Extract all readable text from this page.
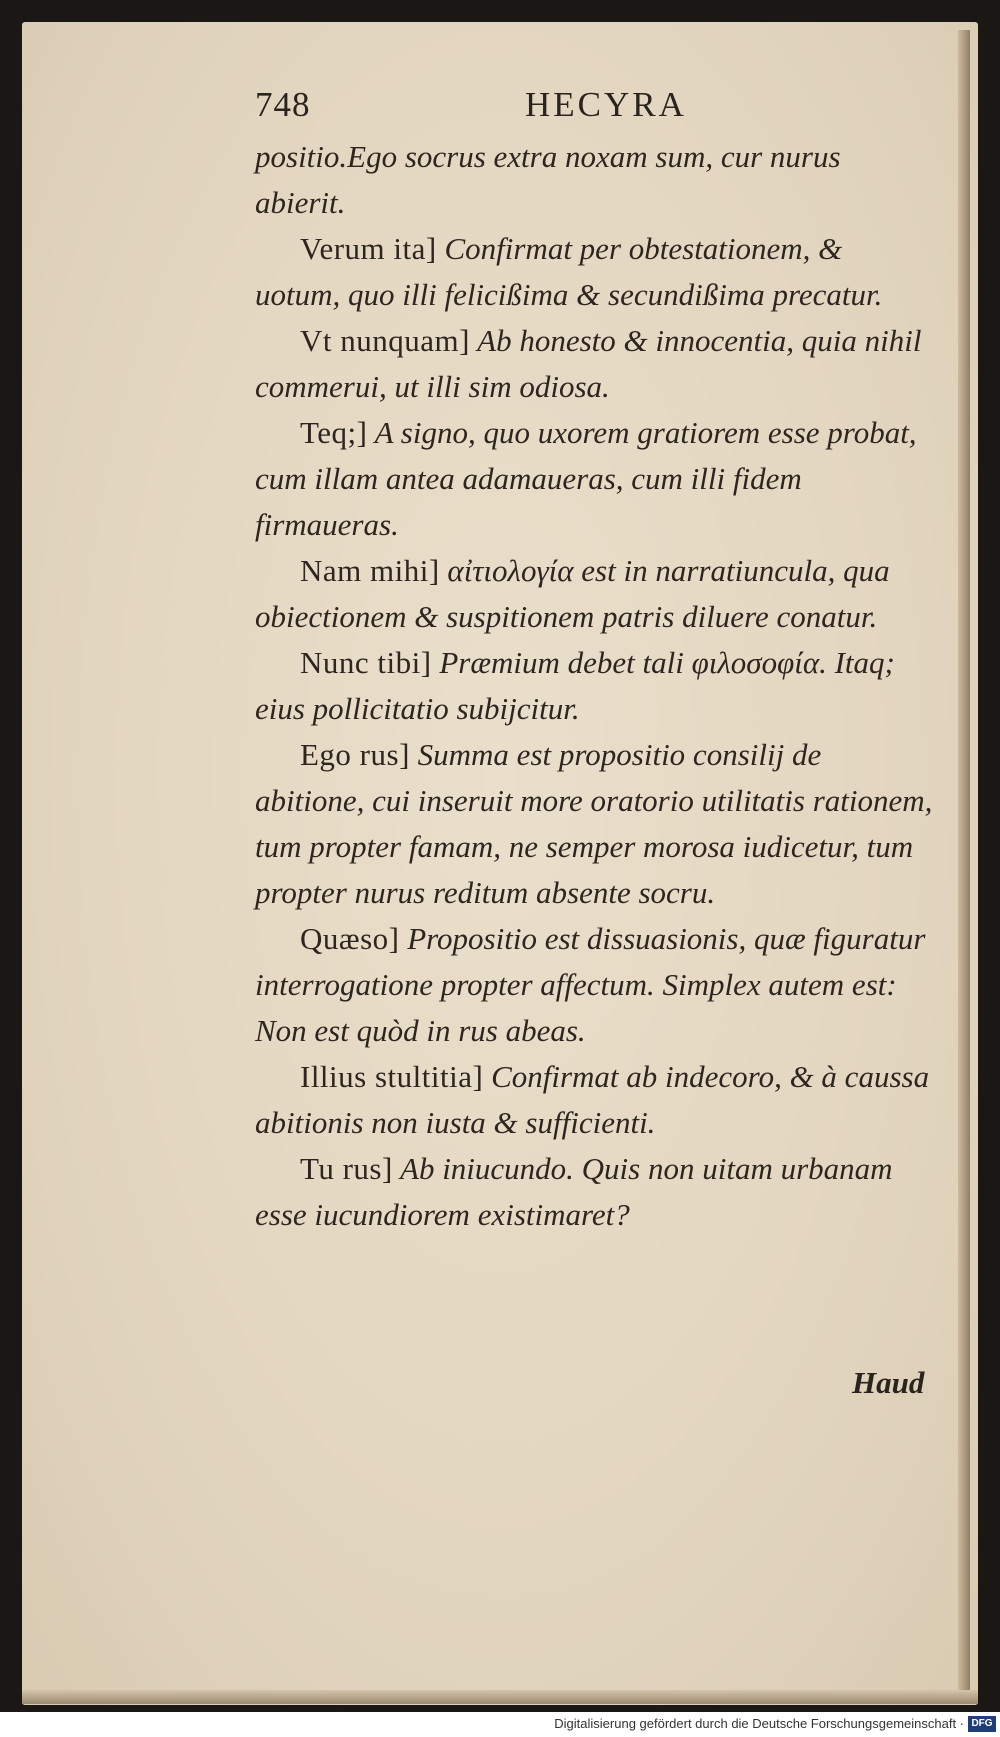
748	HECYRA

positio.Ego socrus extra noxam sum, cur nurus abierit.

Verum ita] Confirmat per obtestationem, & uotum, quo illi felicißima & secundißima precatur.

Vt nunquam] Ab honesto & innocentia, quia nihil commerui, ut illi sim odiosa.

Teq;] A signo, quo uxorem gratiorem esse probat, cum illam antea adamaueras, cum illi fidem firmaueras.

Nam mihi] αἰτιολογία est in narratiuncula, qua obiectionem & suspitionem patris diluere conatur.

Nunc tibi] Præmium debet tali φιλοσοφία. Itaq; eius pollicitatio subijcitur.

Ego rus] Summa est propositio consilij de abitione, cui inseruit more oratorio utilitatis rationem, tum propter famam, ne semper morosa iudicetur, tum propter nurus reditum absente socru.

Quæso] Propositio est dissuasionis, quæ figuratur interrogatione propter affectum. Simplex autem est: Non est quòd in rus abeas.

Illius stultitia] Confirmat ab indecoro, & à caussa abitionis non iusta & sufficienti.

Tu rus] Ab iniucundo. Quis non uitam urbanam esse iucundiorem existimaret?

Haud
Digitalisierung gefördert durch die Deutsche Forschungsgemeinschaft · DFG
